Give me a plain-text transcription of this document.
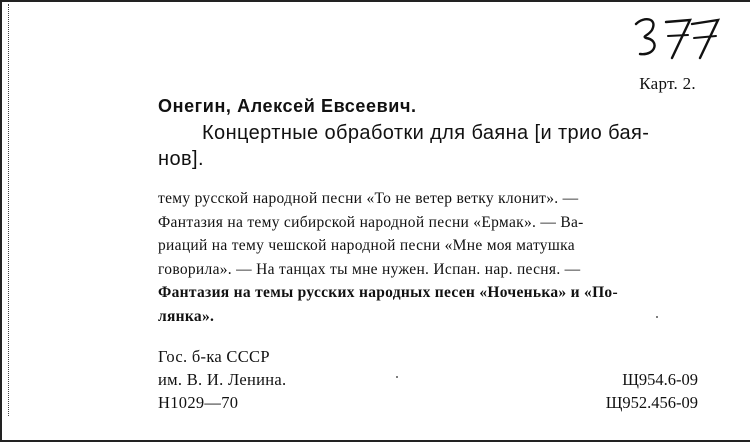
Карт. 2.
Онегин, Алексей Евсеевич.
Концертные обработки для баяна [и трио бая-
нов].
тему русской народной песни «То не ветер ветку клонит». —
Фантазия на тему сибирской народной песни «Ермак». — Ва-
риаций на тему чешской народной песни «Мне моя матушка
говорила». — На танцах ты мне нужен. Испан. нар. песня. —
Фантазия на темы русских народных песен «Ноченька» и «По-
лянка».
Гос. б-ка СССР
им. В. И. Ленина.
Н1029—70
Щ954.6-09
Щ952.456-09
